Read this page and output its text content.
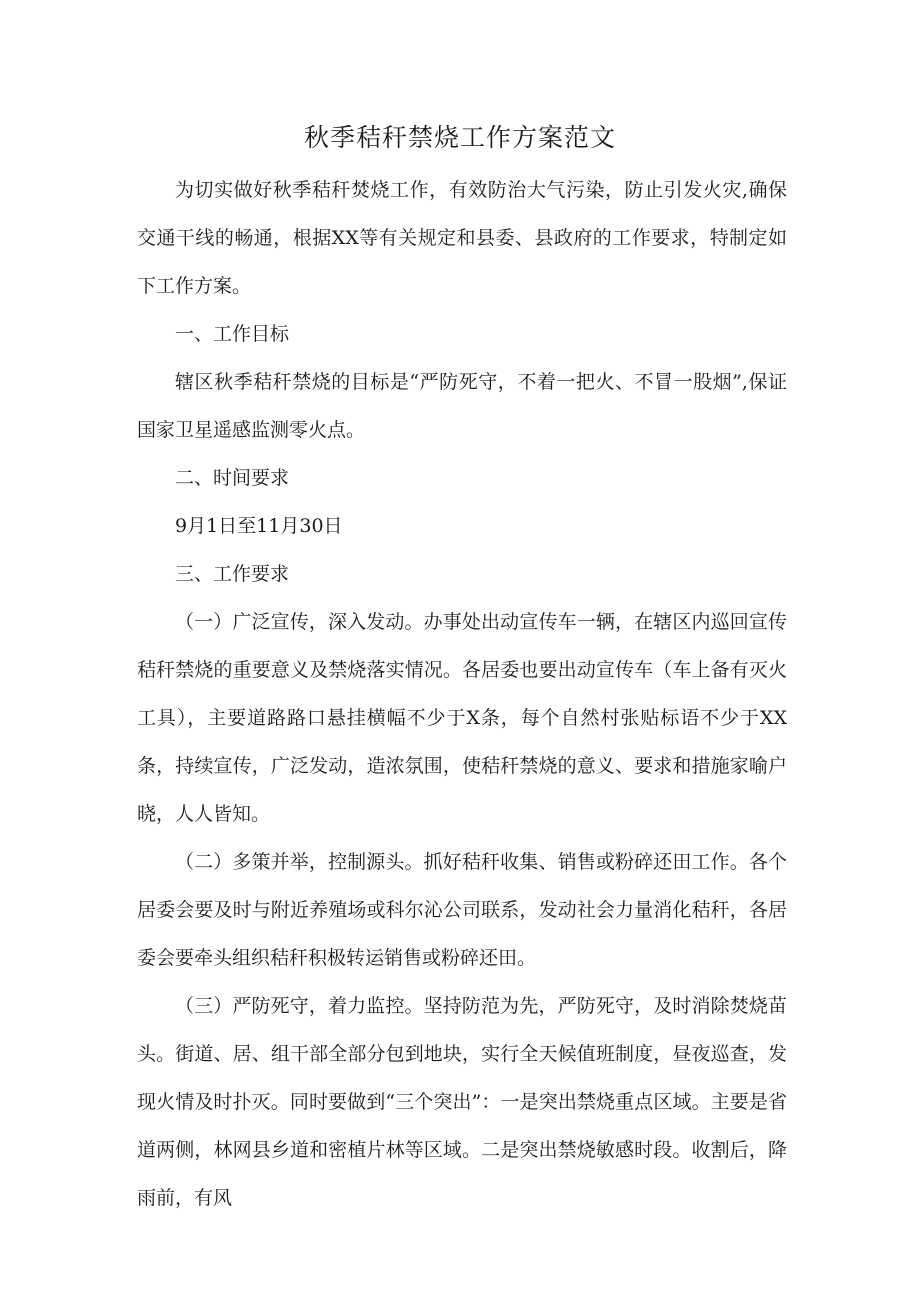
秋季秸秆禁烧工作方案范文

为切实做好秋季秸秆焚烧工作，有效防治大气污染，防止引发火灾,确保交通干线的畅通，根据XX等有关规定和县委、县政府的工作要求，特制定如下工作方案。

一、工作目标

辖区秋季秸秆禁烧的目标是“严防死守，不着一把火、不冒一股烟”,保证国家卫星遥感监测零火点。

二、时间要求

9月1日至11月30日

三、工作要求

（一）广泛宣传，深入发动。办事处出动宣传车一辆，在辖区内巡回宣传秸秆禁烧的重要意义及禁烧落实情况。各居委也要出动宣传车（车上备有灭火工具），主要道路路口悬挂横幅不少于X条，每个自然村张贴标语不少于XX条，持续宣传，广泛发动，造浓氛围，使秸秆禁烧的意义、要求和措施家喻户晓，人人皆知。

（二）多策并举，控制源头。抓好秸秆收集、销售或粉碎还田工作。各个居委会要及时与附近养殖场或科尔沁公司联系，发动社会力量消化秸秆，各居委会要牵头组织秸秆积极转运销售或粉碎还田。

（三）严防死守，着力监控。坚持防范为先，严防死守，及时消除焚烧苗头。街道、居、组干部全部分包到地块，实行全天候值班制度，昼夜巡查，发现火情及时扑灭。同时要做到“三个突出”：一是突出禁烧重点区域。主要是省道两侧，林网县乡道和密植片林等区域。二是突出禁烧敏感时段。收割后，降雨前，有风
